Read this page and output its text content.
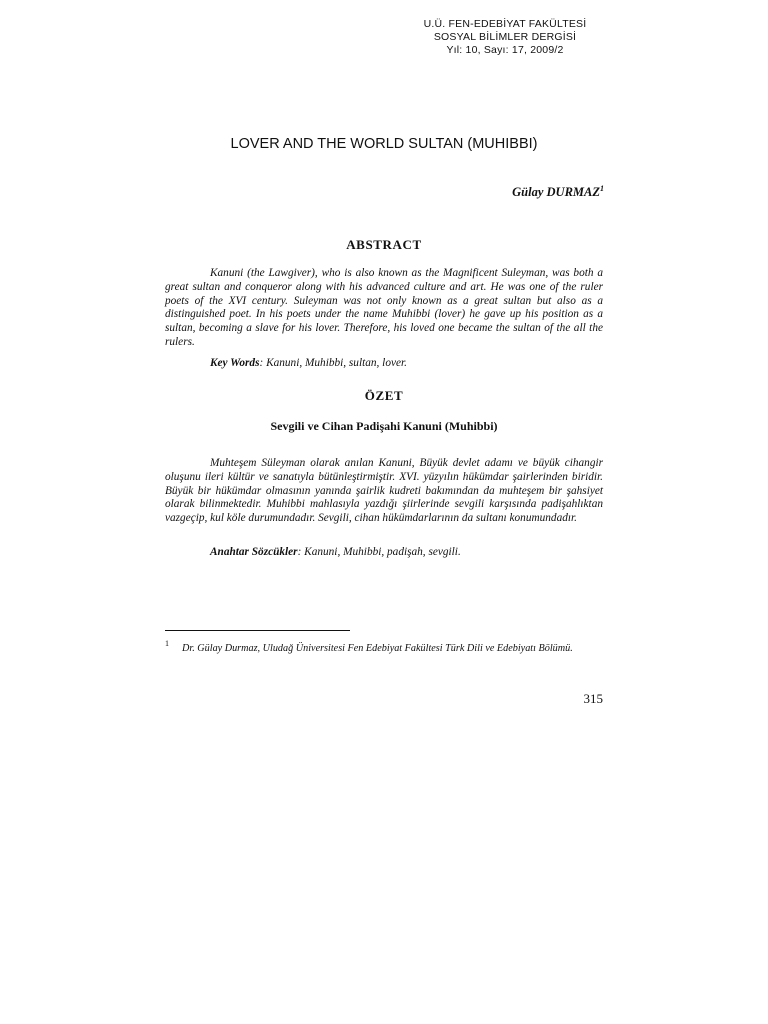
U.Ü. FEN-EDEBİYAT FAKÜLTESİ
SOSYAL BİLİMLER DERGİSİ
Yıl: 10, Sayı: 17, 2009/2
LOVER AND THE WORLD SULTAN (MUHIBBI)
Gülay DURMAZ$^1$
ABSTRACT

Kanuni (the Lawgiver), who is also known as the Magnificent Suleyman, was both a great sultan and conqueror along with his advanced culture and art. He was one of the ruler poets of the XVI century. Suleyman was not only known as a great sultan but also as a distinguished poet. In his poets under the name Muhibbi (lover) he gave up his position as a sultan, becoming a slave for his lover. Therefore, his loved one became the sultan of the all the rulers.

Key Words: Kanuni, Muhibbi, sultan, lover.
ÖZET
Sevgili ve Cihan Padişahi Kanuni (Muhibbi)

Muhteşem Süleyman olarak anılan Kanuni, Büyük devlet adamı ve büyük cihangir oluşunu ileri kültür ve sanatıyla bütünleştirmiştir. XVI. yüzyılın hükümdar şairlerinden biridir. Büyük bir hükümdar olmasının yanında şairlik kudreti bakımından da muhteşem bir şahsiyet olarak bilinmektedir. Muhibbi mahlasıyla yazdığı şiirlerinde sevgili karşısında padişahlıktan vazgeçip, kul köle durumundadır. Sevgili, cihan hükümdarlarının da sultanı konumundadır.

Anahtar Sözcükler: Kanuni, Muhibbi, padişah, sevgili.
1 Dr. Gülay Durmaz, Uludağ Üniversitesi Fen Edebiyat Fakültesi Türk Dili ve Edebiyatı Bölümü.

315
